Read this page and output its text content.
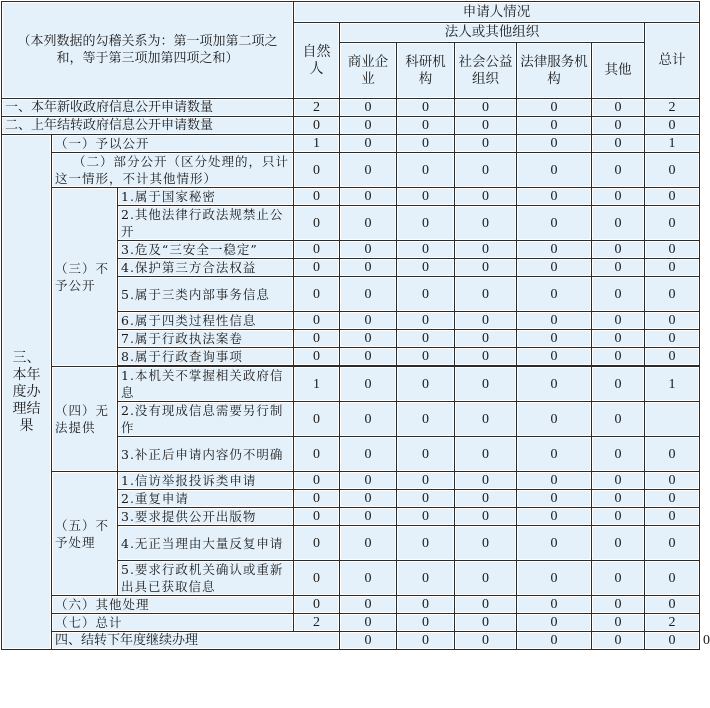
（本列数据的勾稽关系为：第一项加第二项之和，等于第三项加第四项之和）			申请人情况							
			自然人	法人或其他组织					总计	
				商业企业	科研机构	社会公益组织	法律服务机构	其他		
一、本年新收政府信息公开申请数量			2	0	0	0	0	0	2	
二、上年结转政府信息公开申请数量			0	0	0	0	0	0	0	
三、本年度办理结果	（一）予以公开		1	0	0	0	0	0	1	
	（二）部分公开（区分处理的，只计这一情形，不计其他情形）		0	0	0	0	0	0	0	
	（三）不予公开	1.属于国家秘密	0	0	0	0	0	0	0	
		2.其他法律行政法规禁止公开	0	0	0	0	0	0	0	
		3.危及“三安全一稳定”	0	0	0	0	0	0	0	
		4.保护第三方合法权益	0	0	0	0	0	0	0	
		5.属于三类内部事务信息	0	0	0	0	0	0	0	
		6.属于四类过程性信息	0	0	0	0	0	0	0	
		7.属于行政执法案卷	0	0	0	0	0	0	0	
		8.属于行政查询事项	0	0	0	0	0	0	0	

	（四）无法提供	1.本机关不掌握相关政府信息	1	0	0	0	0	0	1	
		2.没有现成信息需要另行制作	0	0	0	0	0	0		
		3.补正后申请内容仍不明确	0	0	0	0	0	0	0	
	（五）不予处理	1.信访举报投诉类申请	0	0	0	0	0	0	0	
		2.重复申请	0	0	0	0	0	0	0	
		3.要求提供公开出版物	0	0	0	0	0	0	0	
		4.无正当理由大量反复申请	0	0	0	0	0	0	0	
		5.要求行政机关确认或重新出具已获取信息	0	0	0	0	0	0	0	
	（六）其他处理		0	0	0	0	0	0	0	
	（七）总计		2	0	0	0	0	0	2	
	四、结转下年度继续办理			0	0	0	0	0	0	0
